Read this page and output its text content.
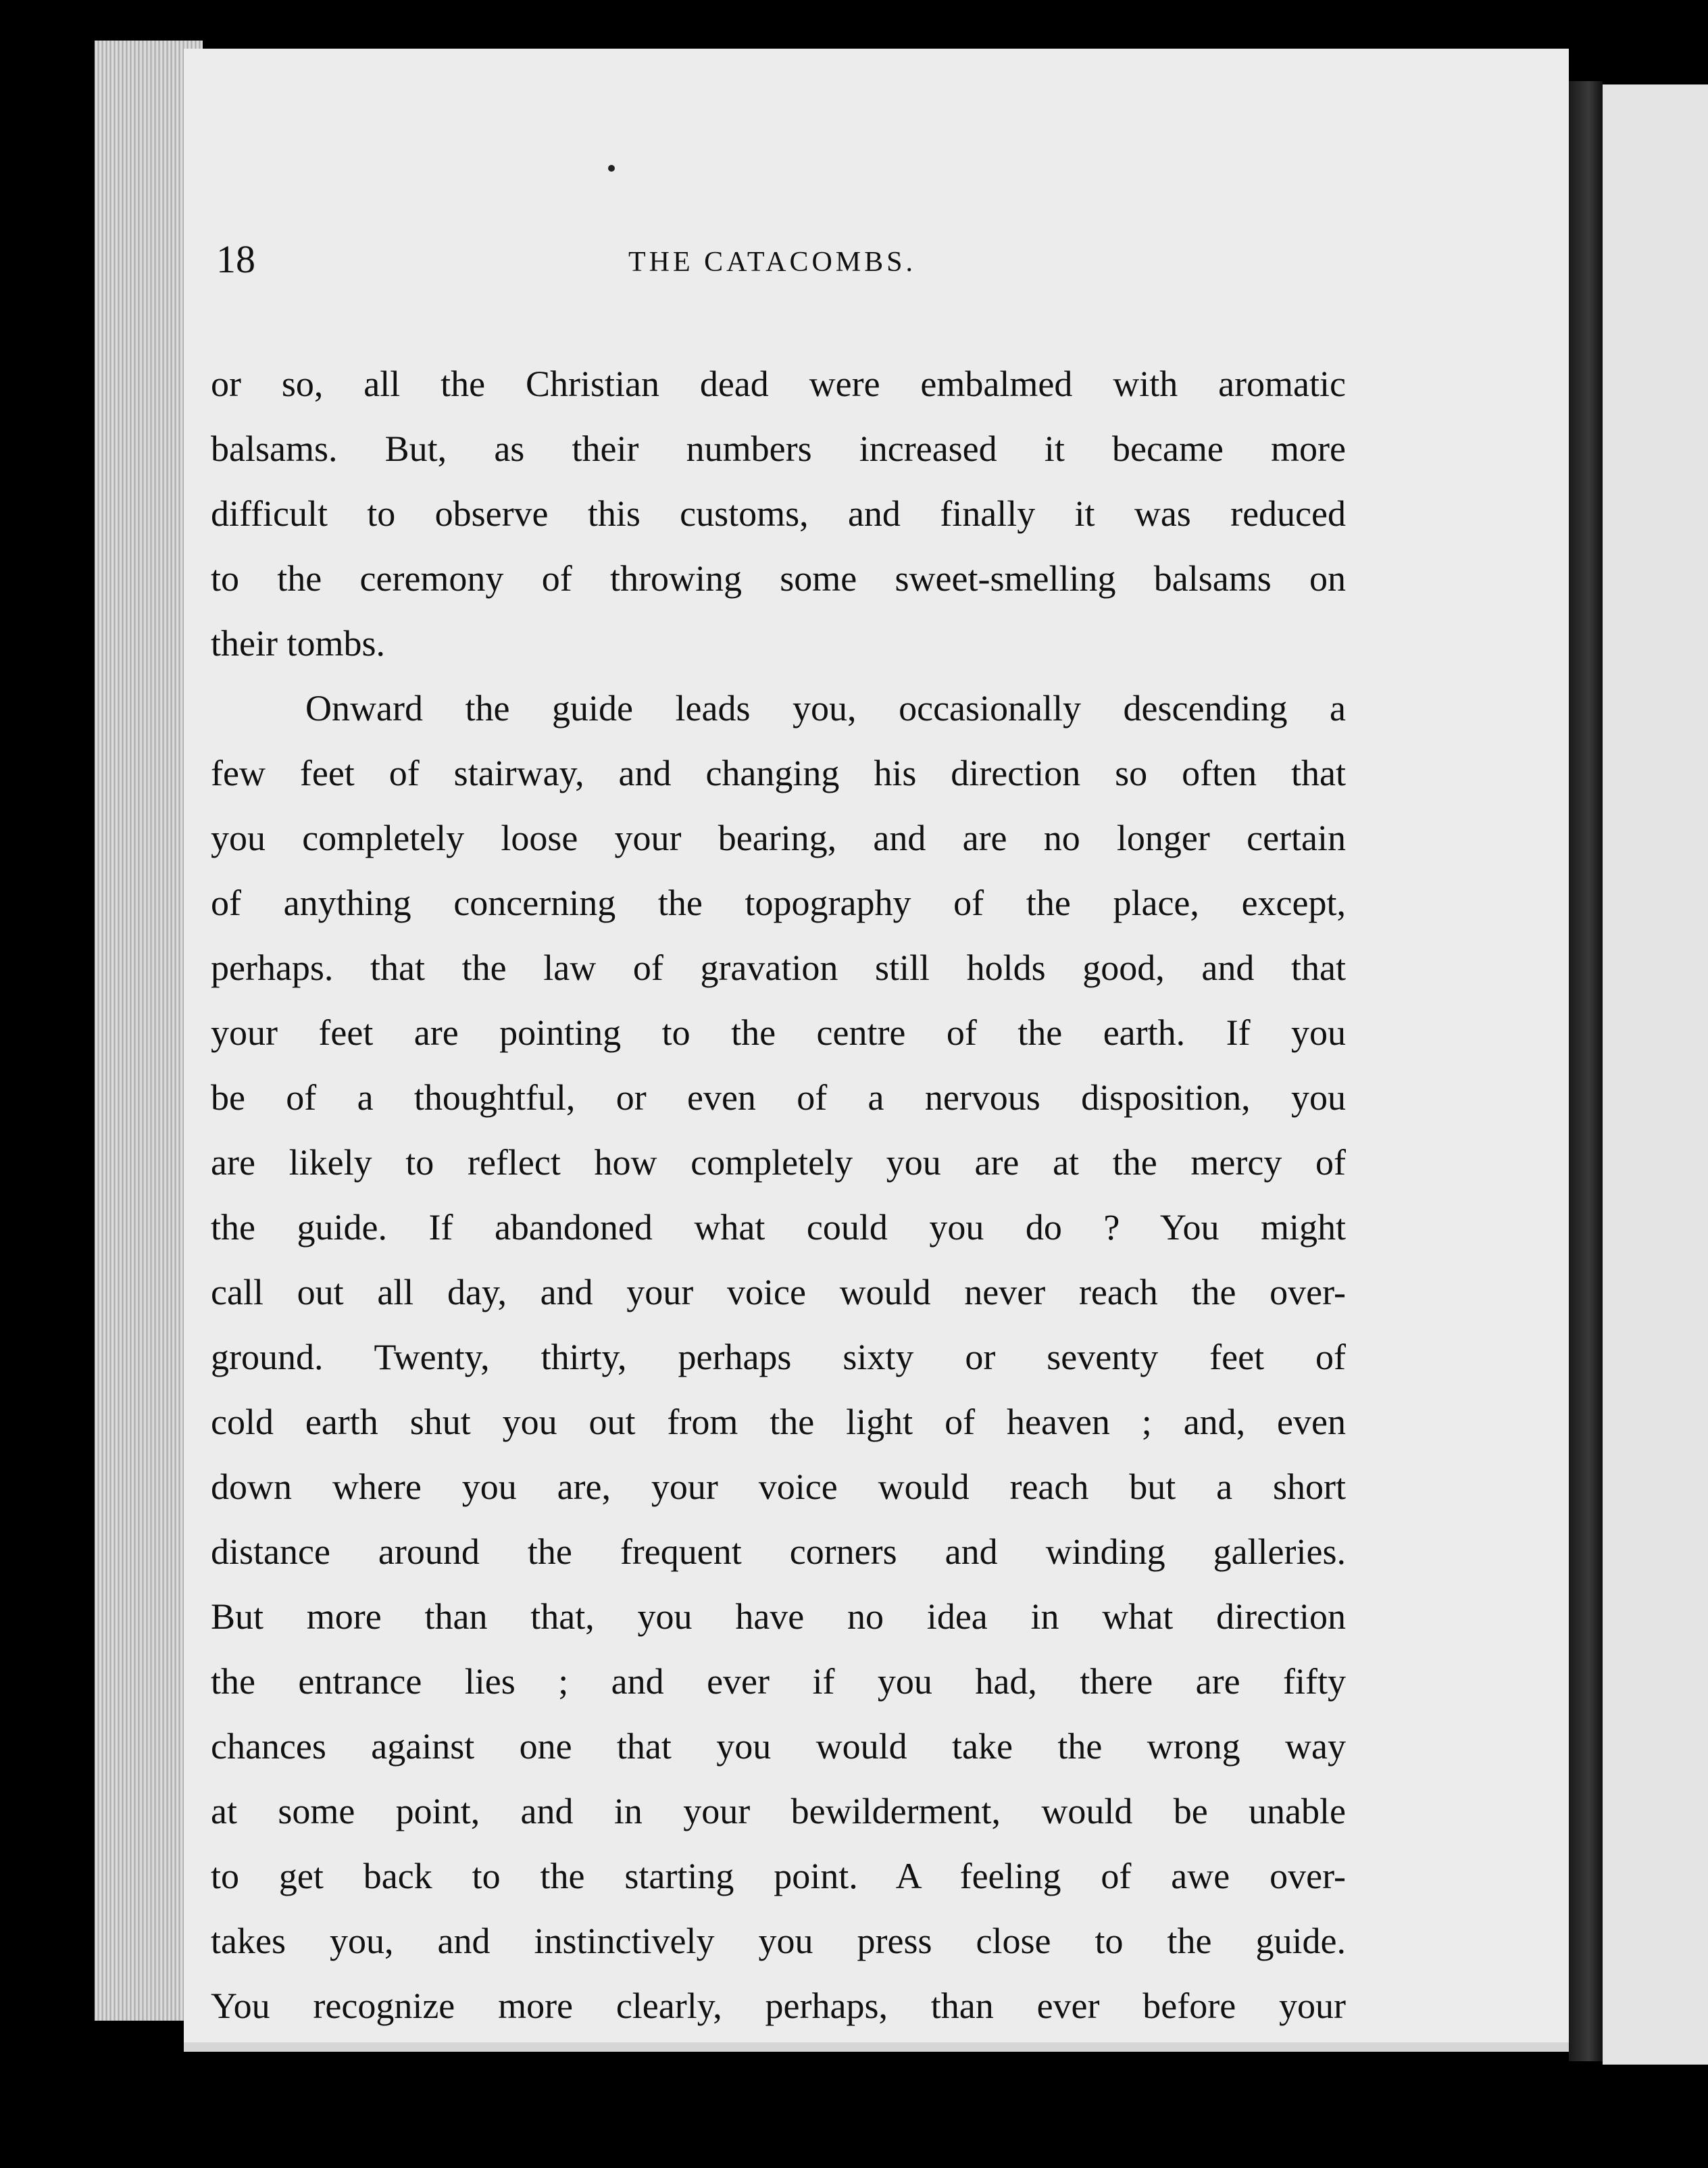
18	THE CATACOMBS.
or so, all the Christian dead were embalmed with aromatic
balsams. But, as their numbers increased it became more
difficult to observe this customs, and finally it was reduced
to the ceremony of throwing some sweet-smelling balsams on
their tombs.
Onward the guide leads you, occasionally descending a
few feet of stairway, and changing his direction so often that
you completely loose your bearing, and are no longer certain
of anything concerning the topography of the place, except,
perhaps. that the law of gravation still holds good, and that
your feet are pointing to the centre of the earth. If you
be of a thoughtful, or even of a nervous disposition, you
are likely to reflect how completely you are at the mercy of
the guide. If abandoned what could you do ? You might
call out all day, and your voice would never reach the over-
ground. Twenty, thirty, perhaps sixty or seventy feet of
cold earth shut you out from the light of heaven ; and, even
down where you are, your voice would reach but a short
distance around the frequent corners and winding galleries.
But more than that, you have no idea in what direction
the entrance lies ; and ever if you had, there are fifty
chances against one that you would take the wrong way
at some point, and in your bewilderment, would be unable
to get back to the starting point. A feeling of awe over-
takes you, and instinctively you press close to the guide.
You recognize more clearly, perhaps, than ever before your
